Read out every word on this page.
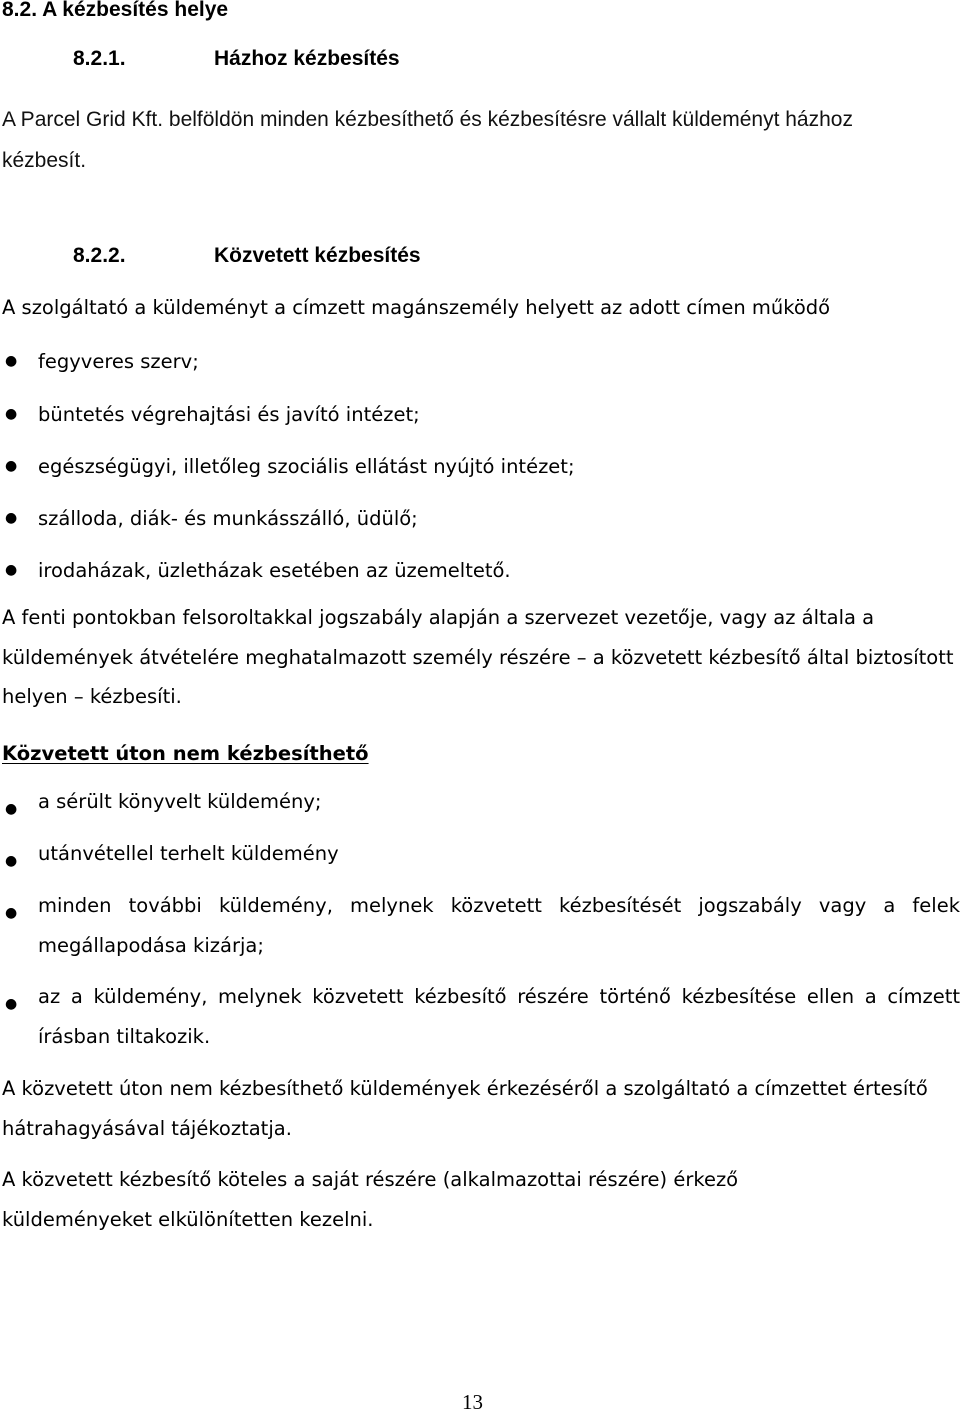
8.2. A kézbesítés helye
8.2.1.	Házhoz kézbesítés
A Parcel Grid Kft. belföldön minden kézbesíthető és kézbesítésre vállalt küldeményt házhoz kézbesít.
8.2.2.	Közvetett kézbesítés
A szolgáltató a küldeményt a címzett magánszemély helyett az adott címen működő
● fegyveres szerv;
● büntetés végrehajtási és javító intézet;
● egészségügyi, illetőleg szociális ellátást nyújtó intézet;
● szálloda, diák- és munkásszálló, üdülő;
● irodaházak, üzletházak esetében az üzemeltető.
A fenti pontokban felsoroltakkal jogszabály alapján a szervezet vezetője, vagy az általa a küldemények átvételére meghatalmazott személy részére – a közvetett kézbesítő által biztosított helyen – kézbesíti.
Közvetett úton nem kézbesíthető
● a sérült könyvelt küldemény;
● utánvétellel terhelt küldemény
● minden további küldemény, melynek közvetett kézbesítését jogszabály vagy a felek megállapodása kizárja;
● az a küldemény, melynek közvetett kézbesítő részére történő kézbesítése ellen a címzett írásban tiltakozik.
A közvetett úton nem kézbesíthető küldemények érkezéséről a szolgáltató a címzettet értesítő hátrahagyásával tájékoztatja.
A közvetett kézbesítő köteles a saját részére (alkalmazottai részére) érkező küldeményeket elkülönítetten kezelni.
13
